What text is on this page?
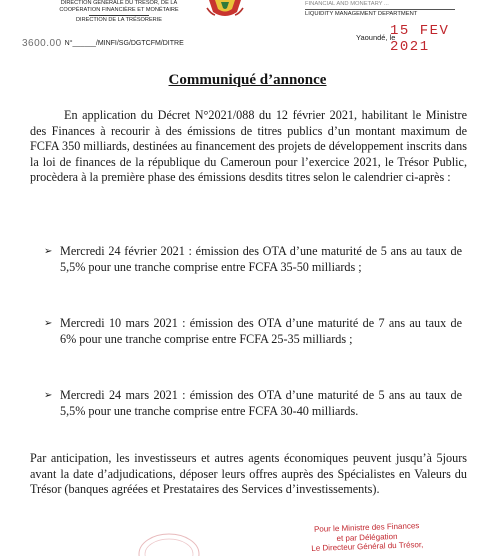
DIRECTION GÉNÉRALE DU TRÉSOR, DE LA
COOPÉRATION FINANCIÈRE ET MONÉTAIRE
DIRECTION DE LA TRÉSORERIE
FINANCIAL AND MONETARY ...
LIQUIDITY MANAGEMENT DEPARTMENT
3600.00 N°______/MINFI/SG/DGTCFM/DITRE
Yaoundé, le
15 FEV 2021
Communiqué d’annonce
En application du Décret N°2021/088 du 12 février 2021, habilitant le Ministre des Finances à recourir à des émissions de titres publics d’un montant maximum de FCFA 350 milliards, destinées au financement des projets de développement inscrits dans la loi de finances de la république du Cameroun pour l’exercice 2021, le Trésor Public, procèdera à la première phase des émissions desdits titres selon le calendrier ci-après :
➢ Mercredi 24 février 2021 : émission des OTA d’une maturité de 5 ans au taux de 5,5% pour une tranche comprise entre FCFA 35-50 milliards ;
➢ Mercredi 10 mars 2021 : émission des OTA d’une maturité de 7 ans au taux de 6% pour une tranche comprise entre FCFA 25-35 milliards ;
➢ Mercredi 24 mars 2021 : émission des OTA d’une maturité de 5 ans au taux de 5,5% pour une tranche comprise entre FCFA 30-40 milliards.
Par anticipation, les investisseurs et autres agents économiques peuvent jusqu’à 5jours avant la date d’adjudications, déposer leurs offres auprès des Spécialistes en Valeurs du Trésor (banques agréées et Prestataires des Services d’investissements).
Pour le Ministre des Finances
et par Délégation
Le Directeur Général du Trésor,
